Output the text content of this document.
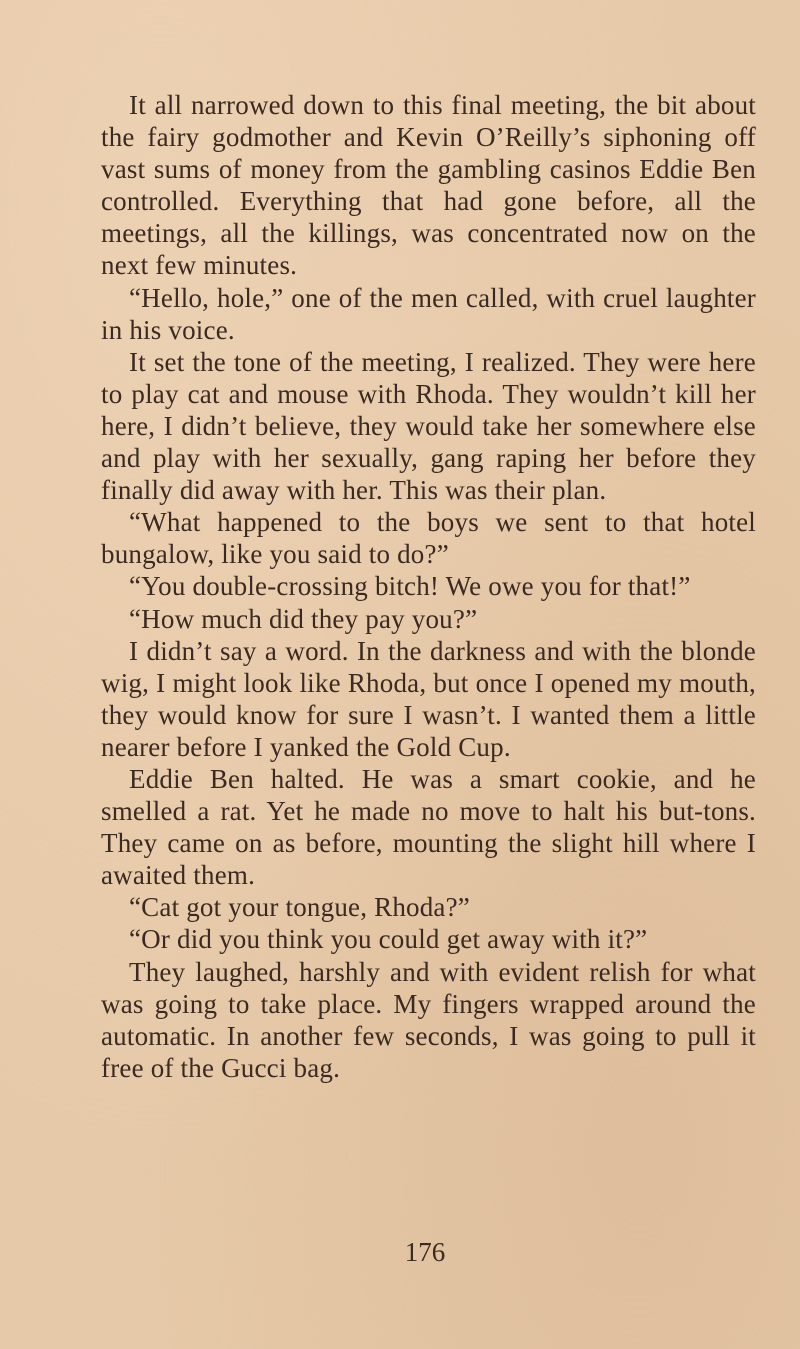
It all narrowed down to this final meeting, the bit about the fairy godmother and Kevin O’Reilly’s siphoning off vast sums of money from the gambling casinos Eddie Ben controlled. Everything that had gone before, all the meetings, all the killings, was concentrated now on the next few minutes.

“Hello, hole,” one of the men called, with cruel laughter in his voice.

It set the tone of the meeting, I realized. They were here to play cat and mouse with Rhoda. They wouldn’t kill her here, I didn’t believe, they would take her somewhere else and play with her sexually, gang raping her before they finally did away with her. This was their plan.

“What happened to the boys we sent to that hotel bungalow, like you said to do?”

“You double-crossing bitch! We owe you for that!”

“How much did they pay you?”

I didn’t say a word. In the darkness and with the blonde wig, I might look like Rhoda, but once I opened my mouth, they would know for sure I wasn’t. I wanted them a little nearer before I yanked the Gold Cup.

Eddie Ben halted. He was a smart cookie, and he smelled a rat. Yet he made no move to halt his but-tons. They came on as before, mounting the slight hill where I awaited them.

“Cat got your tongue, Rhoda?”

“Or did you think you could get away with it?”

They laughed, harshly and with evident relish for what was going to take place. My fingers wrapped around the automatic. In another few seconds, I was going to pull it free of the Gucci bag.

176
